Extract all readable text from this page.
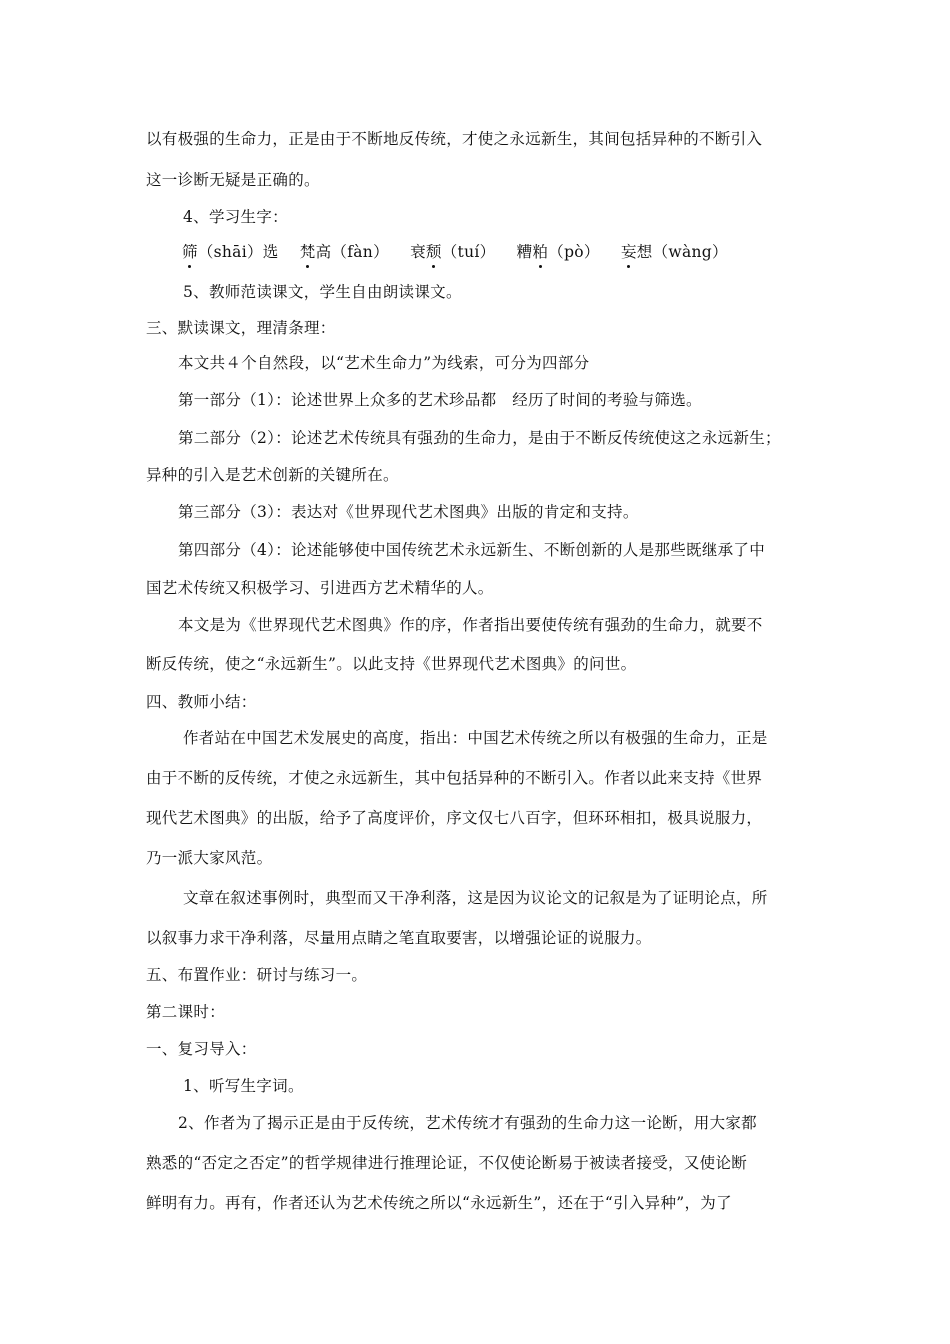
以有极强的生命力，正是由于不断地反传统，才使之永远新生，其间包括异种的不断引入
这一诊断无疑是正确的。
4、学习生字：
筛（shāi）选 梵高（fàn） 衰颓（tuí） 糟粕（pò） 妄想（wàng）
5、教师范读课文，学生自由朗读课文。
三、默读课文，理清条理：
本文共４个自然段，以“艺术生命力”为线索，可分为四部分
第一部分（1）：论述世界上众多的艺术珍品都　经历了时间的考验与筛选。
第二部分（2）：论述艺术传统具有强劲的生命力，是由于不断反传统使这之永远新生；
异种的引入是艺术创新的关键所在。
第三部分（3）：表达对《世界现代艺术图典》出版的肯定和支持。
第四部分（4）：论述能够使中国传统艺术永远新生、不断创新的人是那些既继承了中
国艺术传统又积极学习、引进西方艺术精华的人。
本文是为《世界现代艺术图典》作的序，作者指出要使传统有强劲的生命力，就要不
断反传统，使之“永远新生”。以此支持《世界现代艺术图典》的问世。
四、教师小结：
作者站在中国艺术发展史的高度，指出：中国艺术传统之所以有极强的生命力，正是
由于不断的反传统，才使之永远新生，其中包括异种的不断引入。作者以此来支持《世界
现代艺术图典》的出版，给予了高度评价，序文仅七八百字，但环环相扣，极具说服力，
乃一派大家风范。
文章在叙述事例时，典型而又干净利落，这是因为议论文的记叙是为了证明论点，所
以叙事力求干净利落，尽量用点睛之笔直取要害，以增强论证的说服力。
五、布置作业：研讨与练习一。
第二课时：
一、复习导入：
1、听写生字词。
2、作者为了揭示正是由于反传统，艺术传统才有强劲的生命力这一论断，用大家都
熟悉的“否定之否定”的哲学规律进行推理论证，不仅使论断易于被读者接受，又使论断
鲜明有力。再有，作者还认为艺术传统之所以“永远新生”，还在于“引入异种”，为了
